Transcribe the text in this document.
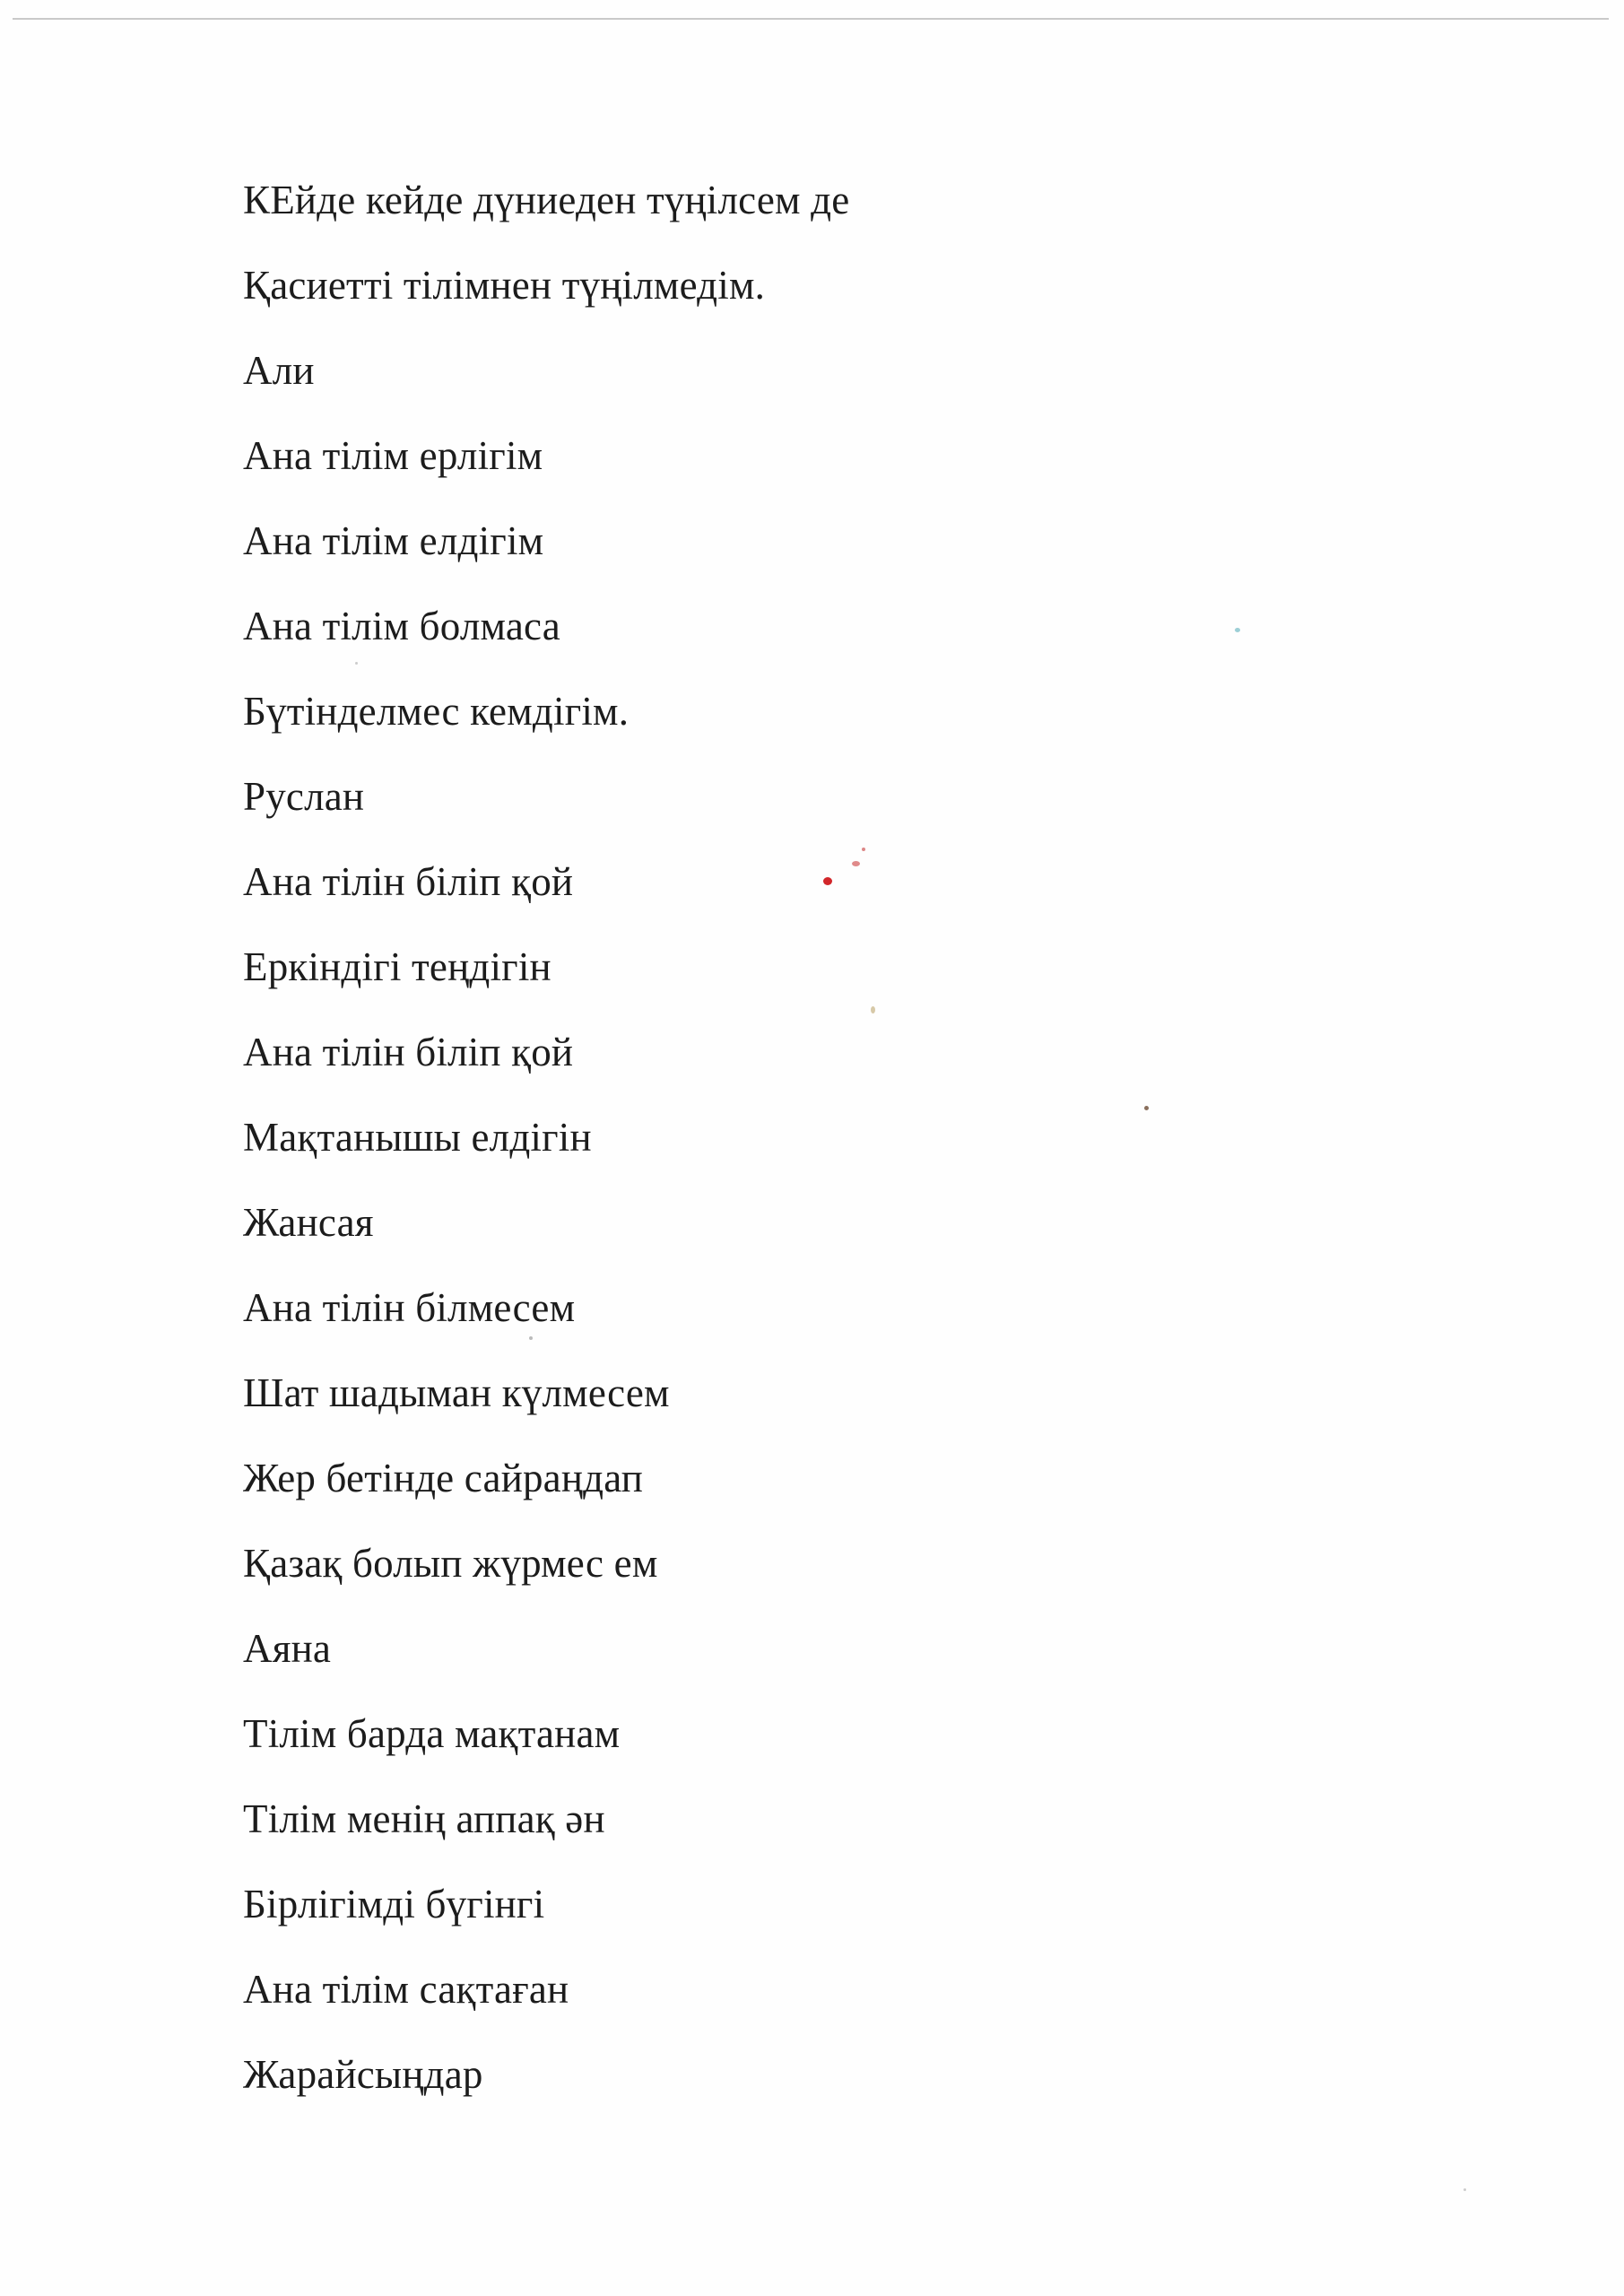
КЕйде кейде дүниеден түңілсем де
Қасиетті тілімнен түңілмедім.
Али
Ана тілім ерлігім
Ана тілім елдігім
Ана тілім болмаса
Бүтінделмес кемдігім.
Руслан
Ана тілін біліп қой
Еркіндігі теңдігін
Ана тілін біліп қой
Мақтанышы елдігін
Жансая
Ана тілін білмесем
Шат шадыман күлмесем
Жер бетінде сайраңдап
Қазақ болып жүрмес ем
Аяна
Тілім барда мақтанам
Тілім менің аппақ ән
Бірлігімді бүгінгі
Ана тілім сақтаған
Жарайсыңдар
